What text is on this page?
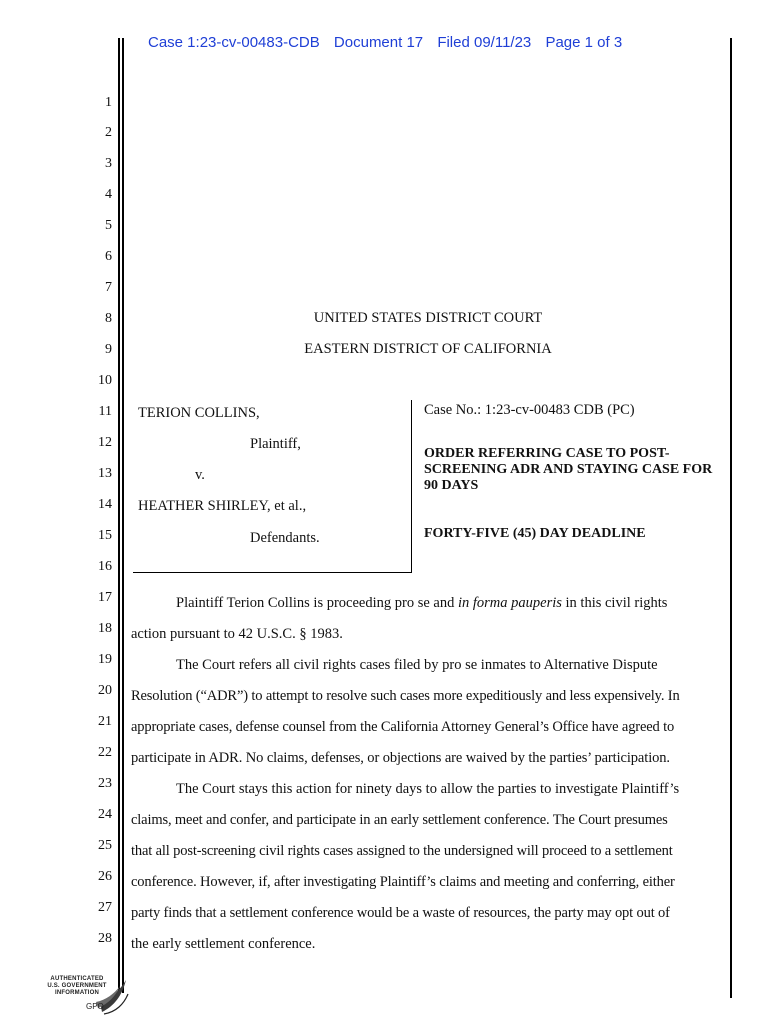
Case 1:23-cv-00483-CDB Document 17 Filed 09/11/23 Page 1 of 3
1
2
3
4
5
6
7
8
9
10
11
12
13
14
15
16
17
18
19
20
21
22
23
24
25
26
27
28
UNITED STATES DISTRICT COURT
EASTERN DISTRICT OF CALIFORNIA
TERION COLLINS,
Plaintiff,
v.
HEATHER SHIRLEY, et al.,
Defendants.
Case No.: 1:23-cv-00483 CDB (PC)
ORDER REFERRING CASE TO POST-SCREENING ADR AND STAYING CASE FOR 90 DAYS
FORTY-FIVE (45) DAY DEADLINE
Plaintiff Terion Collins is proceeding pro se and in forma pauperis in this civil rights
action pursuant to 42 U.S.C. § 1983.
The Court refers all civil rights cases filed by pro se inmates to Alternative Dispute
Resolution (“ADR”) to attempt to resolve such cases more expeditiously and less expensively. In
appropriate cases, defense counsel from the California Attorney General’s Office have agreed to
participate in ADR. No claims, defenses, or objections are waived by the parties’ participation.
The Court stays this action for ninety days to allow the parties to investigate Plaintiff’s
claims, meet and confer, and participate in an early settlement conference. The Court presumes
that all post-screening civil rights cases assigned to the undersigned will proceed to a settlement
conference. However, if, after investigating Plaintiff’s claims and meeting and conferring, either
party finds that a settlement conference would be a waste of resources, the party may opt out of
the early settlement conference.
AUTHENTICATED
U.S. GOVERNMENT
INFORMATION
GPO
